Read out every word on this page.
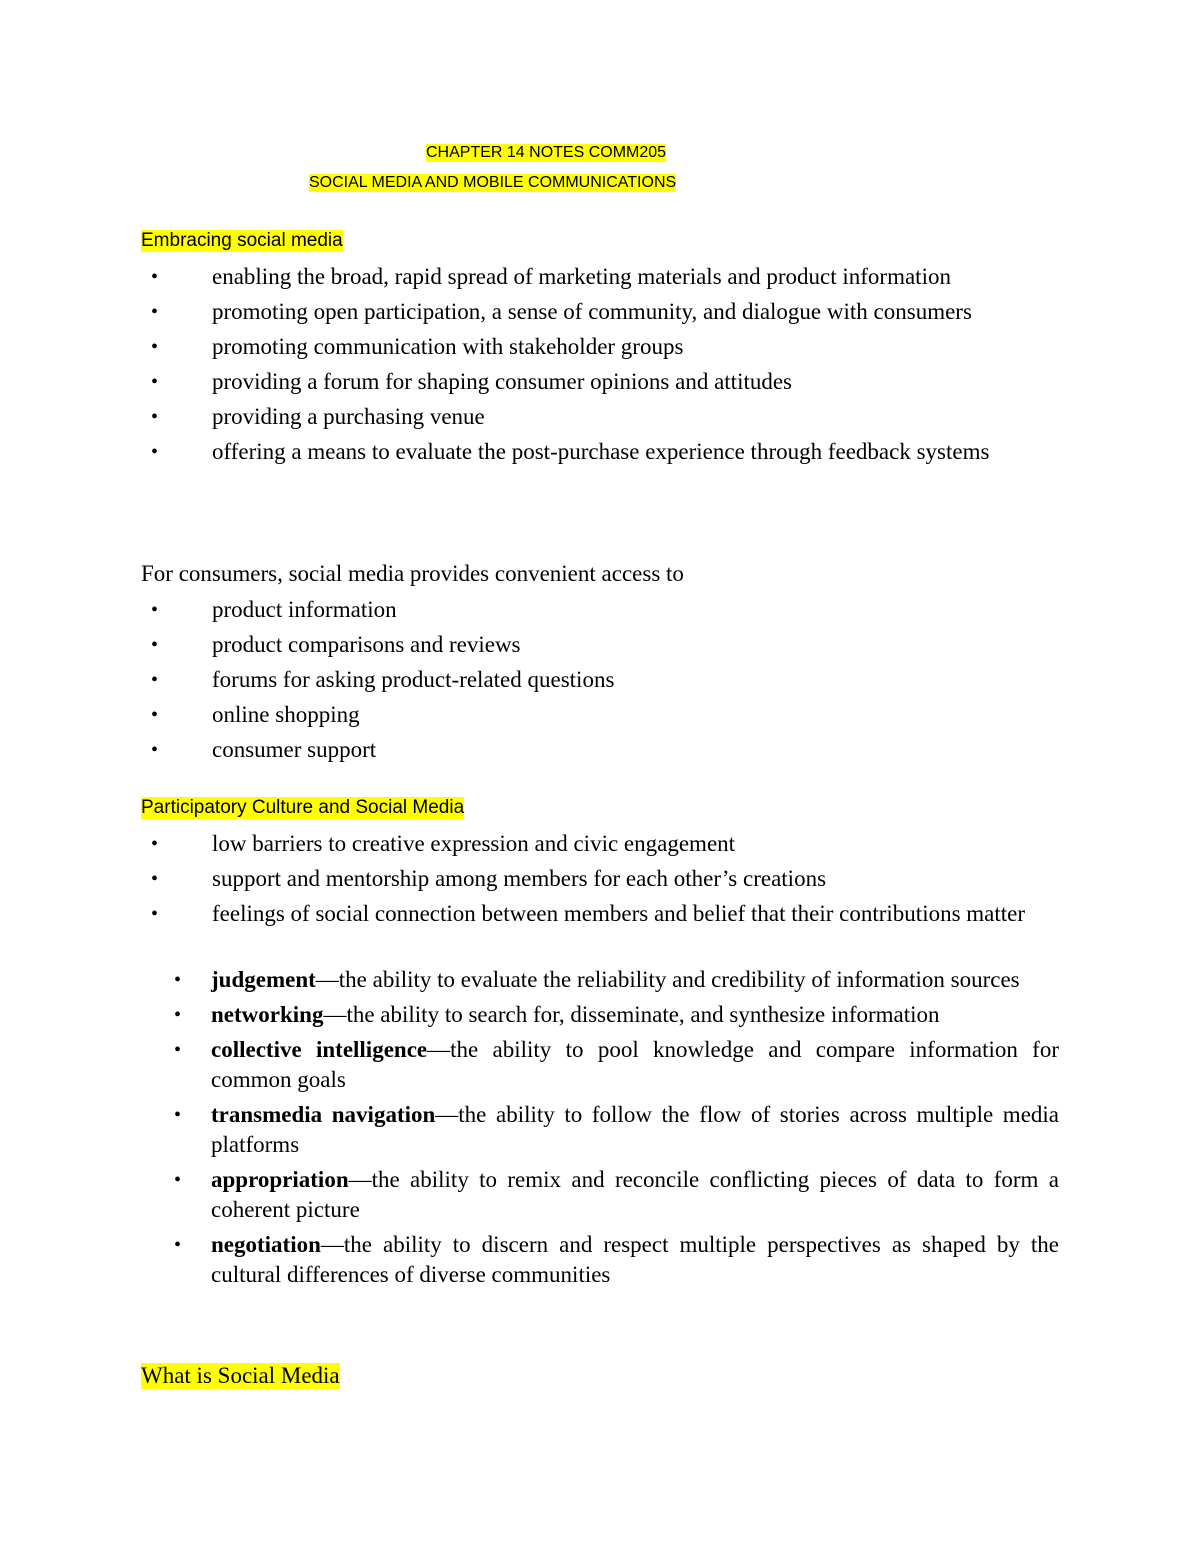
CHAPTER 14 NOTES COMM205
SOCIAL MEDIA AND MOBILE COMMUNICATIONS
Embracing social media
• enabling the broad, rapid spread of marketing materials and product information
• promoting open participation, a sense of community, and dialogue with consumers
• promoting communication with stakeholder groups
• providing a forum for shaping consumer opinions and attitudes
• providing a purchasing venue
• offering a means to evaluate the post-purchase experience through feedback systems
For consumers, social media provides convenient access to
• product information
• product comparisons and reviews
• forums for asking product-related questions
• online shopping
• consumer support
Participatory Culture and Social Media
• low barriers to creative expression and civic engagement
• support and mentorship among members for each other’s creations
• feelings of social connection between members and belief that their contributions matter
• judgement—the ability to evaluate the reliability and credibility of information sources
• networking—the ability to search for, disseminate, and synthesize information
• collective intelligence—the ability to pool knowledge and compare information for common goals
• transmedia navigation—the ability to follow the flow of stories across multiple media platforms
• appropriation—the ability to remix and reconcile conflicting pieces of data to form a coherent picture
• negotiation—the ability to discern and respect multiple perspectives as shaped by the cultural differences of diverse communities
What is Social Media
